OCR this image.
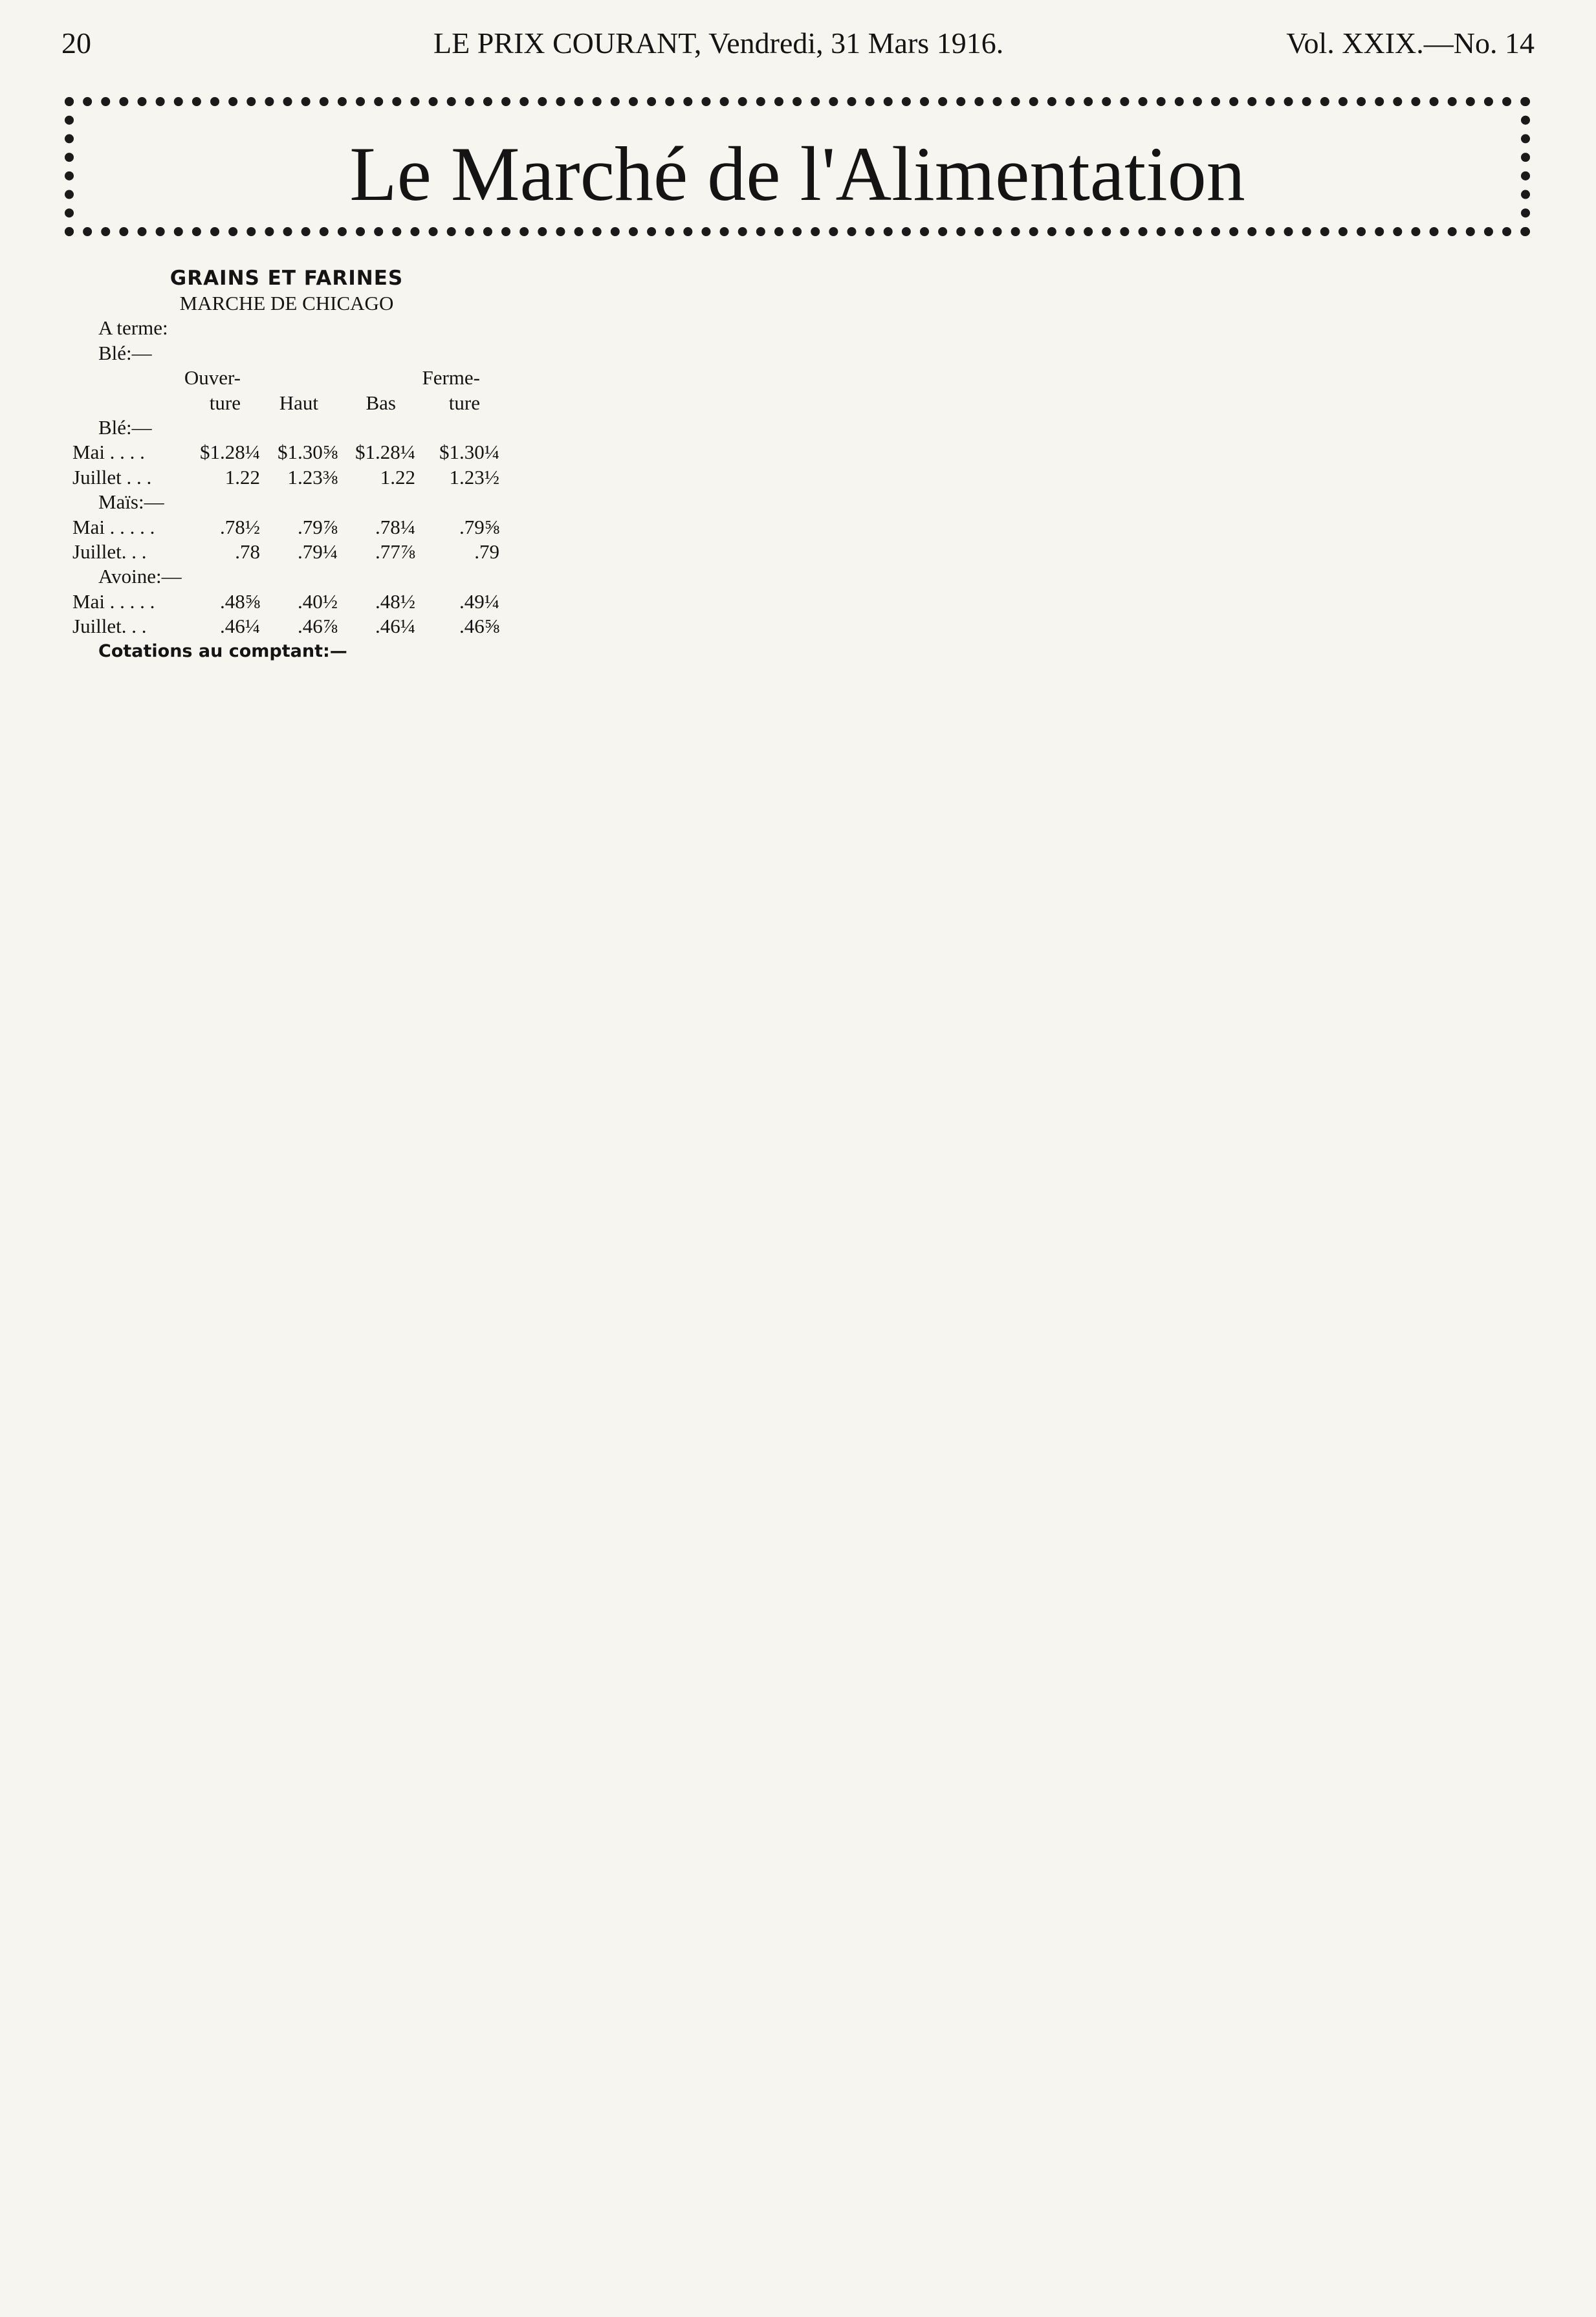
20	LE PRIX COURANT, Vendredi, 31 Mars 1916.	Vol. XXIX.—No. 14
Le Marché de l'Alimentation
GRAINS ET FARINES
MARCHE DE CHICAGO
A terme:
Blé:—
Ouver-	Ferme-
ture	Haut	Bas	ture
Blé:—
Mai . . . .	$1.28¼ $1.30⅝ $1.28¼	$1.30¼
Juillet . . .	1.22	1.23⅜	1.22	1.23½
Maïs:—
Mai . . . . .	.78½	.79⅞	.78¼	.79⅝
Juillet. . .	.78	.79¼	.77⅞	.79
Avoine:—
Mai . . . . .	.48⅝	.40½	.48½	.49¼
Juillet. . .	.46¼	.46⅞	.46¼	.46⅝
Cotations au comptant:—
